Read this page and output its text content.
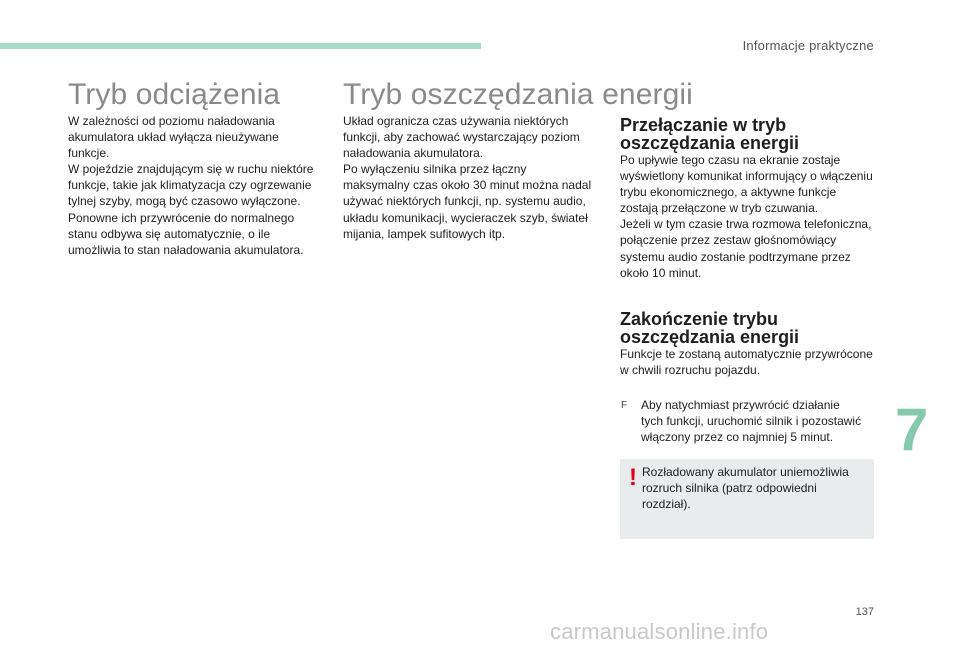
Informacje praktyczne
Tryb odciążenia

W zależności od poziomu naładowania

akumulatora układ wyłącza nieużywane

funkcje.

W pojeździe znajdującym się w ruchu niektóre

funkcje, takie jak klimatyzacja czy ogrzewanie

tylnej szyby, mogą być czasowo wyłączone.

Ponowne ich przywrócenie do normalnego

stanu odbywa się automatycznie, o ile

umożliwia to stan naładowania akumulatora.

Tryb oszczędzania energii

Układ ogranicza czas używania niektórych

funkcji, aby zachować wystarczający poziom

naładowania akumulatora.

Po wyłączeniu silnika przez łączny

maksymalny czas około 30 minut można nadal

używać niektórych funkcji, np. systemu audio,

układu komunikacji, wycieraczek szyb, świateł

mijania, lampek sufitowych itp.

Przełączanie w tryb
oszczędzania energii

Po upływie tego czasu na ekranie zostaje

wyświetlony komunikat informujący o włączeniu

trybu ekonomicznego, a aktywne funkcje

zostają przełączone w tryb czuwania.

Jeżeli w tym czasie trwa rozmowa telefoniczna,

połączenie przez zestaw głośnomówiący

systemu audio zostanie podtrzymane przez

około 10 minut.

Zakończenie trybu
oszczędzania energii

Funkcje te zostaną automatycznie przywrócone

w chwili rozruchu pojazdu.

F Aby natychmiast przywrócić działanie
tych funkcji, uruchomić silnik i pozostawić
włączony przez co najmniej 5 minut.
! Rozładowany akumulator uniemożliwia
rozruch silnika (patrz odpowiedni
rozdział).
7
137
carmanualsonline.info
